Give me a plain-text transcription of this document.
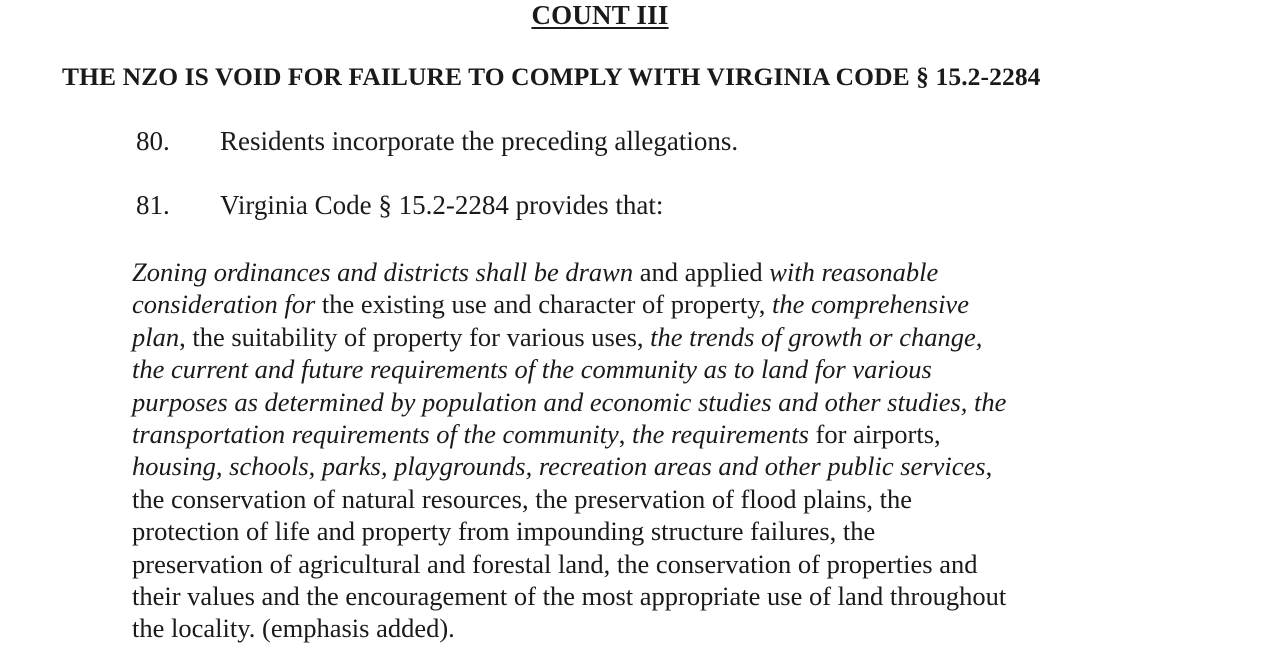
COUNT III
THE NZO IS VOID FOR FAILURE TO COMPLY WITH VIRGINIA CODE § 15.2-2284
80. Residents incorporate the preceding allegations.
81. Virginia Code § 15.2-2284 provides that:
Zoning ordinances and districts shall be drawn and applied with reasonable
consideration for the existing use and character of property, the comprehensive
plan, the suitability of property for various uses, the trends of growth or change,
the current and future requirements of the community as to land for various
purposes as determined by population and economic studies and other studies, the
transportation requirements of the community, the requirements for airports,
housing, schools, parks, playgrounds, recreation areas and other public services,
the conservation of natural resources, the preservation of flood plains, the
protection of life and property from impounding structure failures, the
preservation of agricultural and forestal land, the conservation of properties and
their values and the encouragement of the most appropriate use of land throughout
the locality. (emphasis added).
